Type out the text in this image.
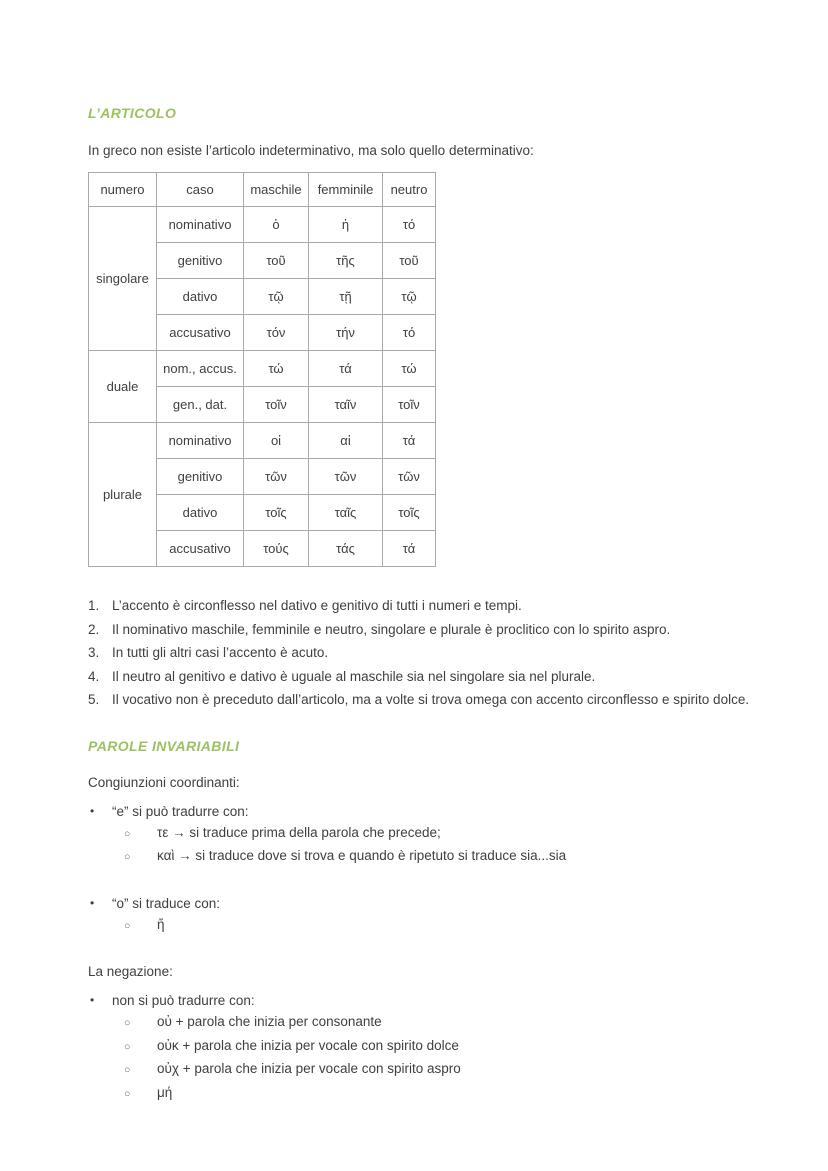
L’ARTICOLO

In greco non esiste l’articolo indeterminativo, ma solo quello determinativo:

numero	caso	maschile	femminile	neutro
singolare	nominativo	ὁ	ἡ	τό
	genitivo	τοῦ	τῆς	τοῦ
	dativo	τῷ	τῇ	τῷ
	accusativo	τόν	τήν	τό
duale	nom., accus.	τώ	τά	τώ
	gen., dat.	τοῖν	ταῖν	τοῖν
plurale	nominativo	οἱ	αἱ	τά
	genitivo	τῶν	τῶν	τῶν
	dativo	τοῖς	ταῖς	τοῖς
	accusativo	τούς	τάς	τά
1. L’accento è circonflesso nel dativo e genitivo di tutti i numeri e tempi.
2. Il nominativo maschile, femminile e neutro, singolare e plurale è proclitico con lo spirito aspro.
3. In tutti gli altri casi l’accento è acuto.
4. Il neutro al genitivo e dativo è uguale al maschile sia nel singolare sia nel plurale.
5. Il vocativo non è preceduto dall’articolo, ma a volte si trova omega con accento circonflesso e spirito dolce.
PAROLE INVARIABILI

Congiunzioni coordinanti:

•	“e” si può tradurre con:
○	τε → si traduce prima della parola che precede;
○	καὶ → si traduce dove si trova e quando è ripetuto si traduce sia...sia
•	“o” si traduce con:
○	ἤ

La negazione:

•	non si può tradurre con:
○	οὐ + parola che inizia per consonante
○	οὐκ + parola che inizia per vocale con spirito dolce
○	οὐχ + parola che inizia per vocale con spirito aspro
○	μή
